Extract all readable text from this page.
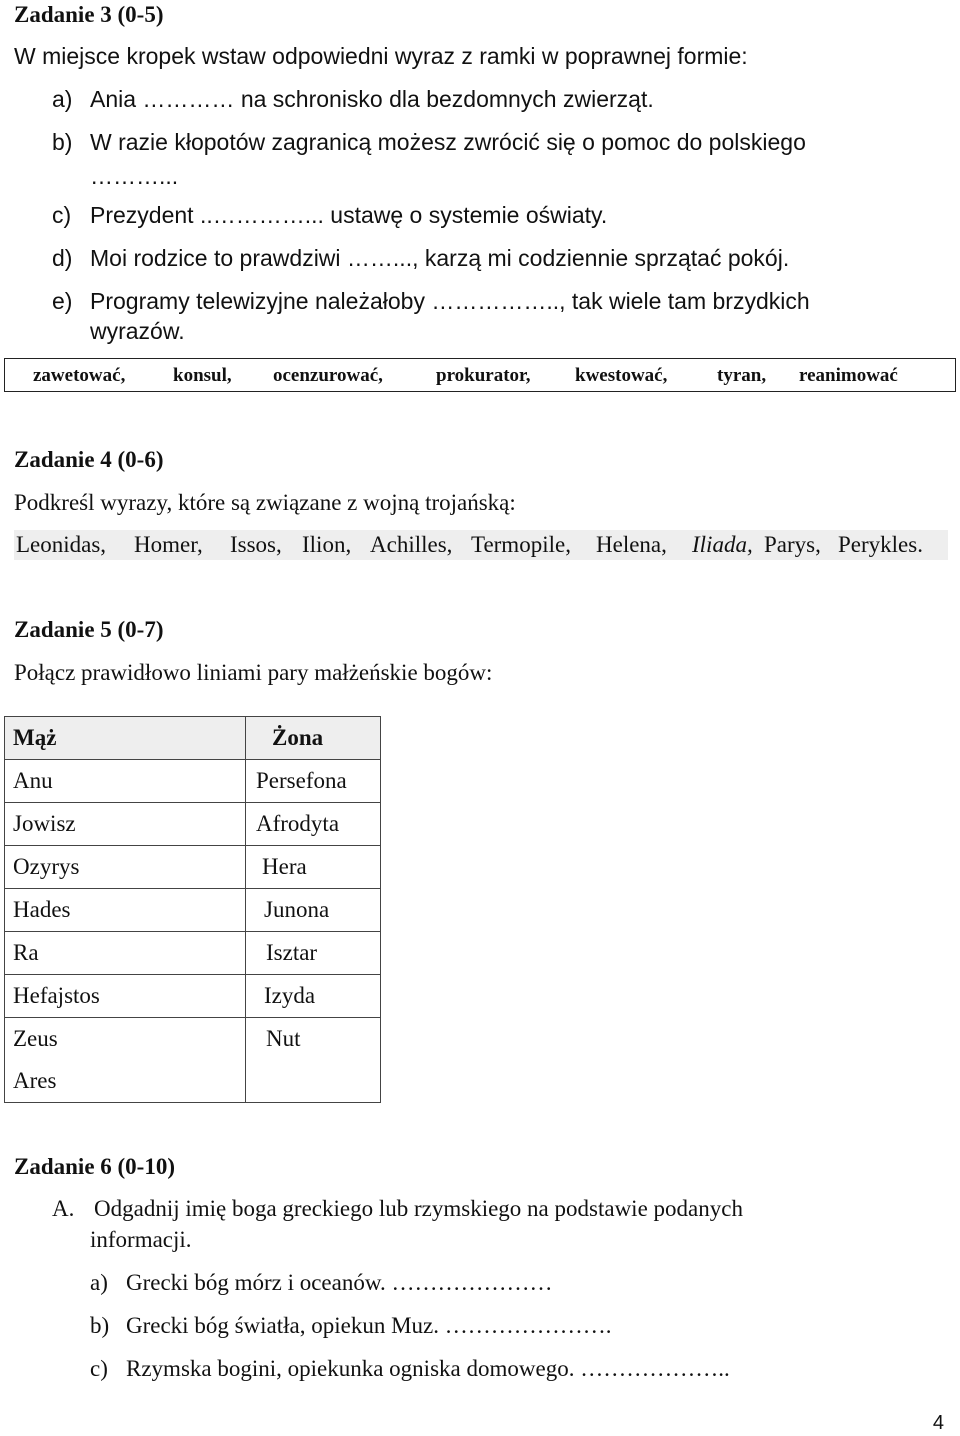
Zadanie 3 (0-5)
W miejsce kropek wstaw odpowiedni wyraz z ramki w poprawnej formie:
a) Ania ………… na schronisko dla bezdomnych zwierząt.
b) W razie kłopotów zagranicą możesz zwrócić się o pomoc do polskiego
………...
c) Prezydent ..…………... ustawę o systemie oświaty.
d) Moi rodzice to prawdziwi ……..., karzą mi codziennie sprzątać pokój.
e) Programy telewizyjne należałoby …………….., tak wiele tam brzydkich
wyrazów.
zawetować,	konsul, ocenzurować,	prokurator, kwestować,	tyran, reanimować
Zadanie 4 (0-6)
Podkreśl wyrazy, które są związane z wojną trojańską:
Leonidas, Homer, Issos, Ilion, Achilles, Termopile, Helena, Iliada, Parys, Perykles.
Zadanie 5 (0-7)
Połącz prawidłowo liniami pary małżeńskie bogów:
Mąż	Żona
Anu	Persefona
Jowisz	Afrodyta
Ozyrys	Hera
Hades	Junona
Ra	Isztar
Hefajstos	Izyda
Zeus	Nut
Ares	
Zadanie 6 (0-10)
A. Odgadnij imię boga greckiego lub rzymskiego na podstawie podanych
informacji.
a) Grecki bóg mórz i oceanów. …………………
b) Grecki bóg światła, opiekun Muz. ………………….
c) Rzymska bogini, opiekunka ogniska domowego. ………………..
4
